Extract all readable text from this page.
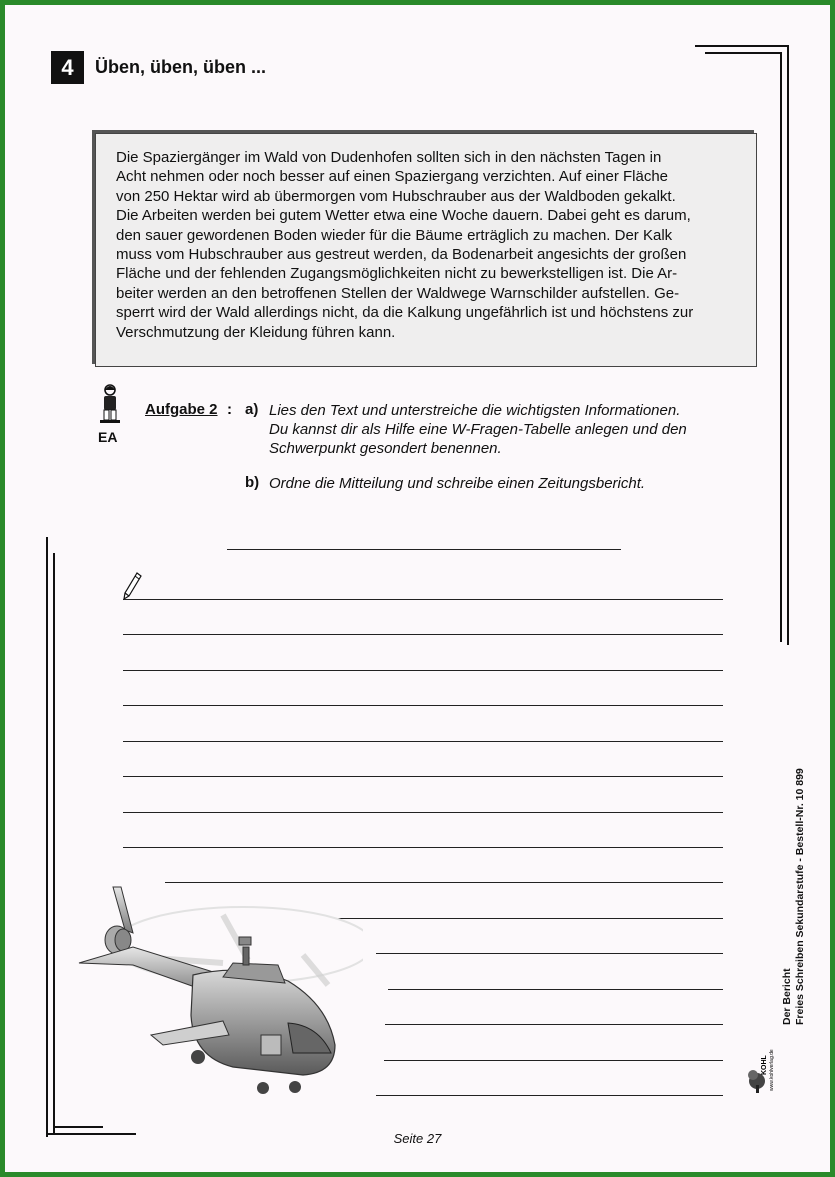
4	Üben, üben, üben ...
Die Spaziergänger im Wald von Dudenhofen sollten sich in den nächsten Tagen in
Acht nehmen oder noch besser auf einen Spaziergang verzichten. Auf einer Fläche
von 250 Hektar wird ab übermorgen vom Hubschrauber aus der Waldboden gekalkt.
Die Arbeiten werden bei gutem Wetter etwa eine Woche dauern. Dabei geht es darum,
den sauer gewordenen Boden wieder für die Bäume erträglich zu machen. Der Kalk
muss vom Hubschrauber aus gestreut werden, da Bodenarbeit angesichts der großen
Fläche und der fehlenden Zugangsmöglichkeiten nicht zu bewerkstelligen ist. Die Ar-
beiter werden an den betroffenen Stellen der Waldwege Warnschilder aufstellen. Ge-
sperrt wird der Wald allerdings nicht, da die Kalkung ungefährlich ist und höchstens zur
Verschmutzung der Kleidung führen kann.
EA
Aufgabe 2 : a) Lies den Text und unterstreiche die wichtigsten Informationen.
Du kannst dir als Hilfe eine W-Fragen-Tabelle anlegen und den
Schwerpunkt gesondert benennen.
b) Ordne die Mitteilung und schreibe einen Zeitungsbericht.
Der Bericht Freies Schreiben Sekundarstufe - Bestell-Nr. 10 899
KOHL www.kohlverlag.de
Seite 27
